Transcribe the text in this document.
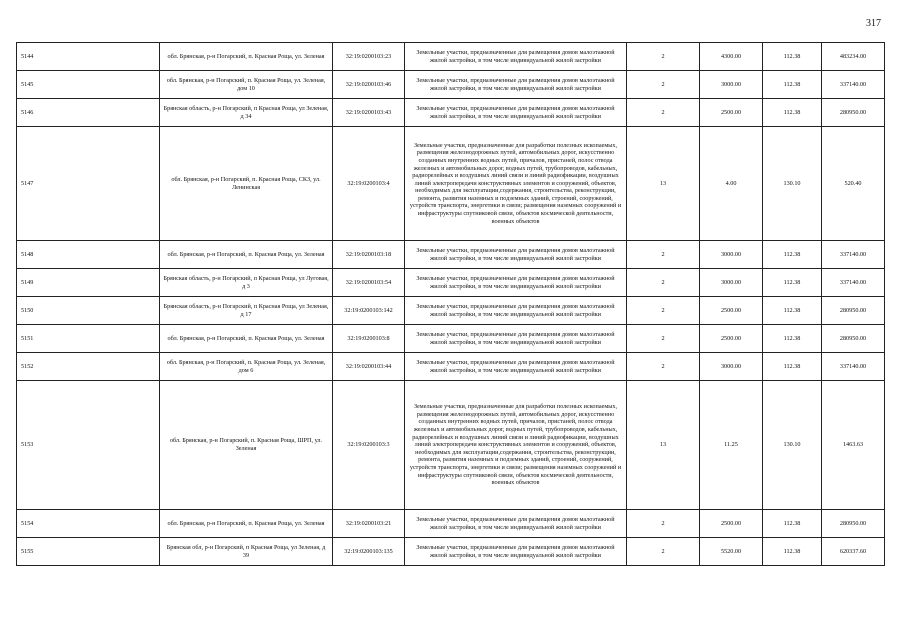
317
5144	обл. Брянская, р-н Погарский, п. Красная Роща, ул. Зеленая	32:19:0200103:23	Земельные участки, предназначенные для размещения домов малоэтажной жилой застройки, в том числе индивидуальной жилой застройки	2	4300.00	112.38	483234.00
5145	обл. Брянская, р-н Погарский, п. Красная Роща, ул. Зеленая, дом 10	32:19:0200103:46	Земельные участки, предназначенные для размещения домов малоэтажной жилой застройки, в том числе индивидуальной жилой застройки	2	3000.00	112.38	337140.00
5146	Брянская область, р-н Погарский, п Красная Роща, ул Зеленая, д 34	32:19:0200103:43	Земельные участки, предназначенные для размещения домов малоэтажной жилой застройки, в том числе индивидуальной жилой застройки	2	2500.00	112.38	280950.00
5147	обл. Брянская, р-н Погарский, п. Красная Роща, СКЗ, ул. Ленинская	32:19:0200103:4	Земельные участки, предназначенные для разработки полезных ископаемых, размещения железнодорожных путей, автомобильных дорог, искусственно созданных внутренних водных путей, причалов, пристаней, полос отвода железных и автомобильных дорог, водных путей, трубопроводов, кабельных, радиорелейных и воздушных линий связи и линий радиофикации, воздушных линий электропередачи конструктивных элементов и сооружений, объектов, необходимых для эксплуатации,содержания, строительства, реконструкции, ремонта, развития наземных и подземных зданий, строений, сооружений, устройств транспорта, энергетики и связи; размещения наземных сооружений и инфраструктуры спутниковой связи, объектов космической деятельности, военных объектов	13	4.00	130.10	520.40
5148	обл. Брянская, р-н Погарский, п. Красная Роща, ул. Зеленая	32:19:0200103:18	Земельные участки, предназначенные для размещения домов малоэтажной жилой застройки, в том числе индивидуальной жилой застройки	2	3000.00	112.38	337140.00
5149	Брянская область, р-н Погарский, п Красная Роща, ул Луговая, д 3	32:19:0200103:54	Земельные участки, предназначенные для размещения домов малоэтажной жилой застройки, в том числе индивидуальной жилой застройки	2	3000.00	112.38	337140.00
5150	Брянская область, р-н Погарский, п Красная Роща, ул Зеленая, д 17	32:19:0200103:142	Земельные участки, предназначенные для размещения домов малоэтажной жилой застройки, в том числе индивидуальной жилой застройки	2	2500.00	112.38	280950.00
5151	обл. Брянская, р-н Погарский, п. Красная Роща, ул. Зеленая	32:19:0200103:8	Земельные участки, предназначенные для размещения домов малоэтажной жилой застройки, в том числе индивидуальной жилой застройки	2	2500.00	112.38	280950.00
5152	обл. Брянская, р-н Погарский, п. Красная Роща, ул. Зеленая, дом 6	32:19:0200103:44	Земельные участки, предназначенные для размещения домов малоэтажной жилой застройки, в том числе индивидуальной жилой застройки	2	3000.00	112.38	337140.00
5153	обл. Брянская, р-н Погарский, п. Красная Роща, ШРП, ул. Зеленая	32:19:0200103:3	Земельные участки, предназначенные для разработки полезных ископаемых, размещения железнодорожных путей, автомобильных дорог, искусственно созданных внутренних водных путей, причалов, пристаней, полос отвода железных и автомобильных дорог, водных путей, трубопроводов, кабельных, радиорелейных и воздушных линий связи и линий радиофикации, воздушных линий электропередачи конструктивных элементов и сооружений, объектов, необходимых для эксплуатации,содержания, строительства, реконструкции, ремонта, развития наземных и подземных зданий, строений, сооружений, устройств транспорта, энергетики и связи; размещения наземных сооружений и инфраструктуры спутниковой связи, объектов космической деятельности, военных объектов	13	11.25	130.10	1463.63
5154	обл. Брянская, р-н Погарский, п. Красная Роща, ул. Зеленая	32:19:0200103:21	Земельные участки, предназначенные для размещения домов малоэтажной жилой застройки, в том числе индивидуальной жилой застройки	2	2500.00	112.38	280950.00
5155	Брянская обл, р-н Погарский, п Красная Роща, ул Зеленая, д 39	32:19:0200103:135	Земельные участки, предназначенные для размещения домов малоэтажной жилой застройки, в том числе индивидуальной жилой застройки	2	5520.00	112.38	620337.60
